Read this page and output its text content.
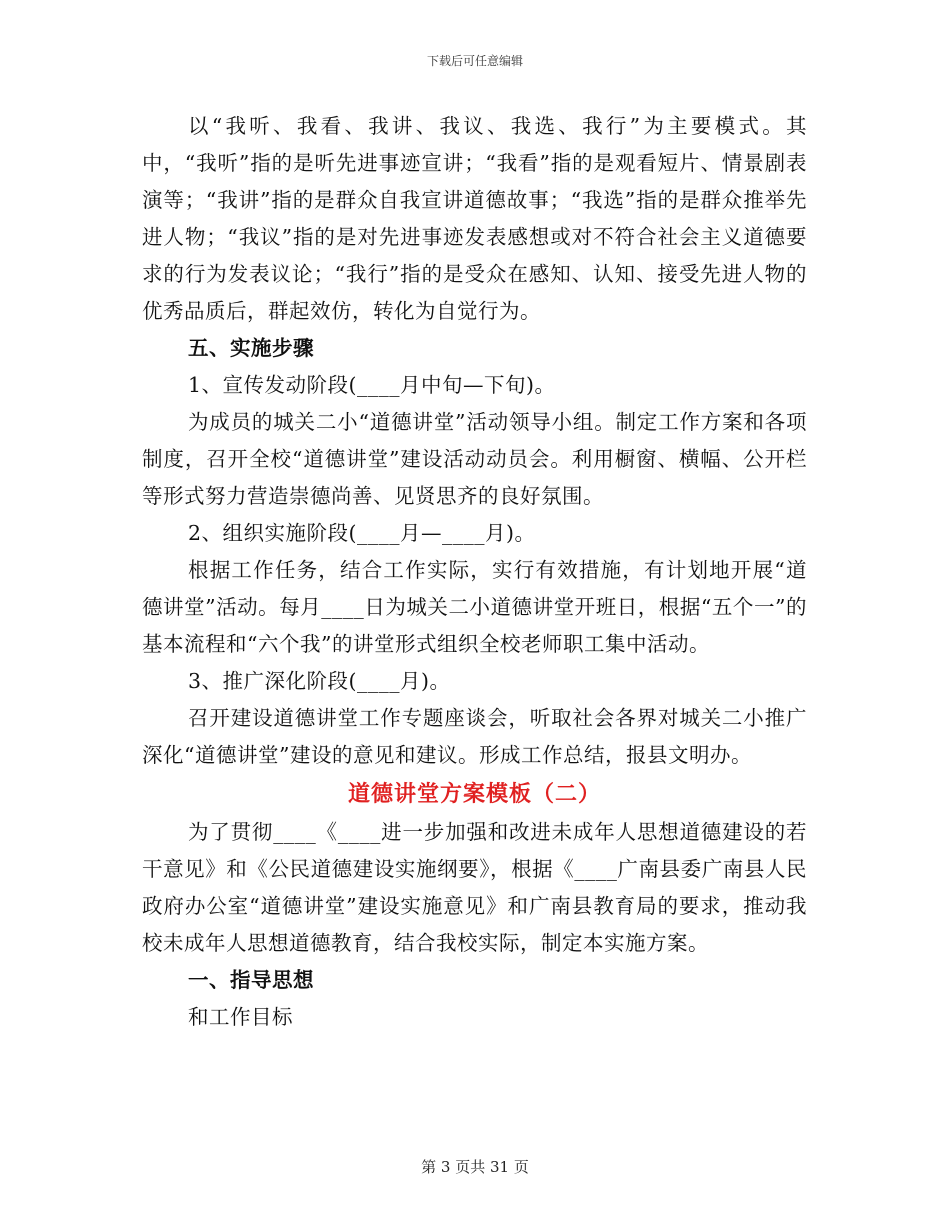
下载后可任意编辑

以“我听、我看、我讲、我议、我选、我行”为主要模式。其中，“我听”指的是听先进事迹宣讲；“我看”指的是观看短片、情景剧表演等；“我讲”指的是群众自我宣讲道德故事；“我选”指的是群众推举先进人物；“我议”指的是对先进事迹发表感想或对不符合社会主义道德要求的行为发表议论；“我行”指的是受众在感知、认知、接受先进人物的优秀品质后，群起效仿，转化为自觉行为。

五、实施步骤

1、宣传发动阶段(____月中旬—下旬)。

为成员的城关二小“道德讲堂”活动领导小组。制定工作方案和各项制度，召开全校“道德讲堂”建设活动动员会。利用橱窗、横幅、公开栏等形式努力营造崇德尚善、见贤思齐的良好氛围。

2、组织实施阶段(____月—____月)。

根据工作任务，结合工作实际，实行有效措施，有计划地开展“道德讲堂”活动。每月____日为城关二小道德讲堂开班日，根据“五个一”的基本流程和“六个我”的讲堂形式组织全校老师职工集中活动。

3、推广深化阶段(____月)。

召开建设道德讲堂工作专题座谈会，听取社会各界对城关二小推广深化“道德讲堂”建设的意见和建议。形成工作总结，报县文明办。

道德讲堂方案模板（二）

为了贯彻____《____进一步加强和改进未成年人思想道德建设的若干意见》和《公民道德建设实施纲要》，根据《____广南县委广南县人民政府办公室“道德讲堂”建设实施意见》和广南县教育局的要求，推动我校未成年人思想道德教育，结合我校实际，制定本实施方案。

一、指导思想

和工作目标

第 3 页共 31 页
